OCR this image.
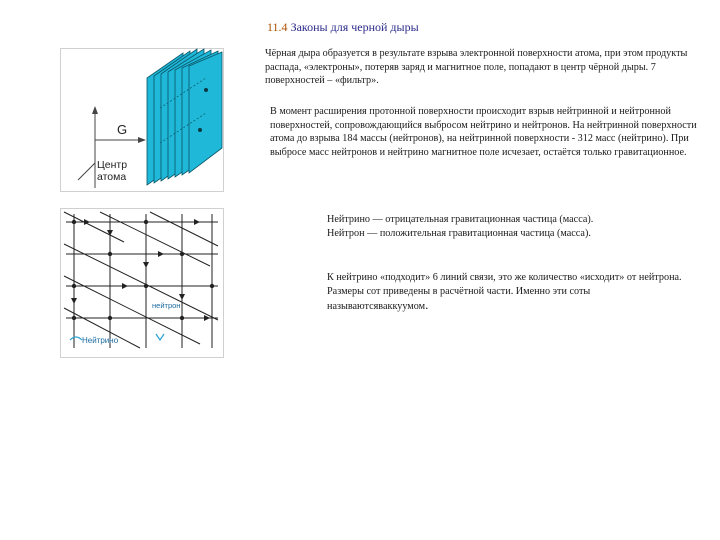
11.4 Законы для черной дыры
G
Центр
атома
нейтрон
Нейтрино
Чёрная дыра образуется в результате взрыва электронной поверхности атома, при этом продукты распада, «электроны», потеряв заряд и магнитное поле, попадают в центр чёрной дыры. 7 поверхностей – «фильтр».
В момент расширения протонной поверхности происходит взрыв нейтринной и нейтронной поверхностей, сопровождающийся выбросом нейтрино и нейтронов. На нейтринной поверхности атома до взрыва 184 массы (нейтронов), на нейтринной поверхности - 312 масс (нейтрино). При выбросе масс нейтронов и нейтрино магнитное поле исчезает, остаётся только гравитационное.
Нейтрино — отрицательная гравитационная частица (масса).
Нейтрон — положительная гравитационная частица (масса).
К нейтрино «подходит» 6 линий связи, это же количество «исходит» от нейтрона. Размеры сот приведены в расчётной части. Именно эти соты называютсяваккуумом.
